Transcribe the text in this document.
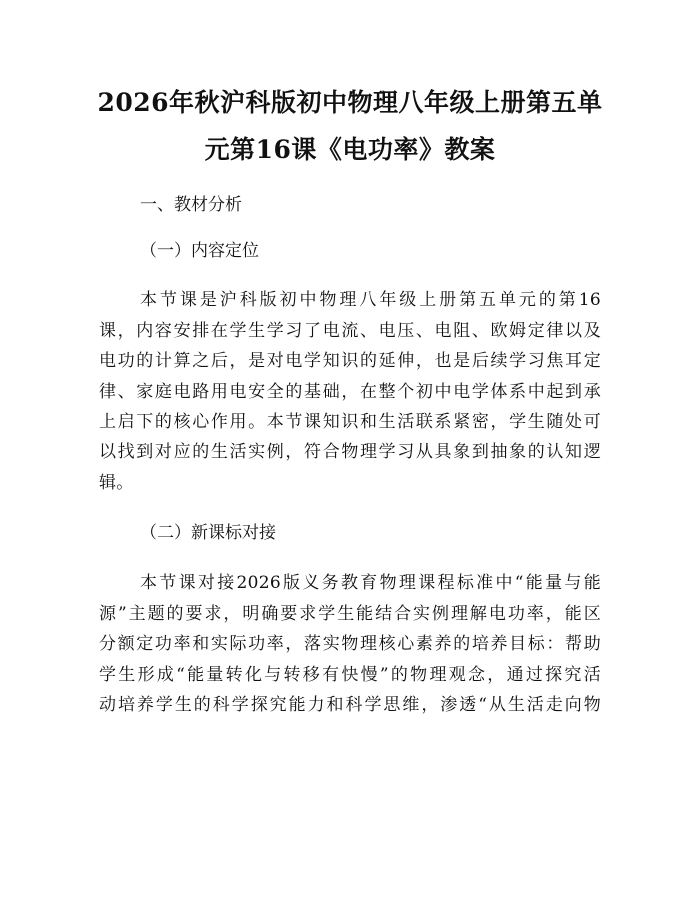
2026年秋沪科版初中物理八年级上册第五单
元第16课《电功率》教案
一、教材分析
（一）内容定位
本节课是沪科版初中物理八年级上册第五单元的第16
课，内容安排在学生学习了电流、电压、电阻、欧姆定律以及
电功的计算之后，是对电学知识的延伸，也是后续学习焦耳定
律、家庭电路用电安全的基础，在整个初中电学体系中起到承
上启下的核心作用。本节课知识和生活联系紧密，学生随处可
以找到对应的生活实例，符合物理学习从具象到抽象的认知逻
辑。
（二）新课标对接
本节课对接2026版义务教育物理课程标准中“能量与能
源”主题的要求，明确要求学生能结合实例理解电功率，能区
分额定功率和实际功率，落实物理核心素养的培养目标：帮助
学生形成“能量转化与转移有快慢”的物理观念，通过探究活
动培养学生的科学探究能力和科学思维，渗透“从生活走向物
